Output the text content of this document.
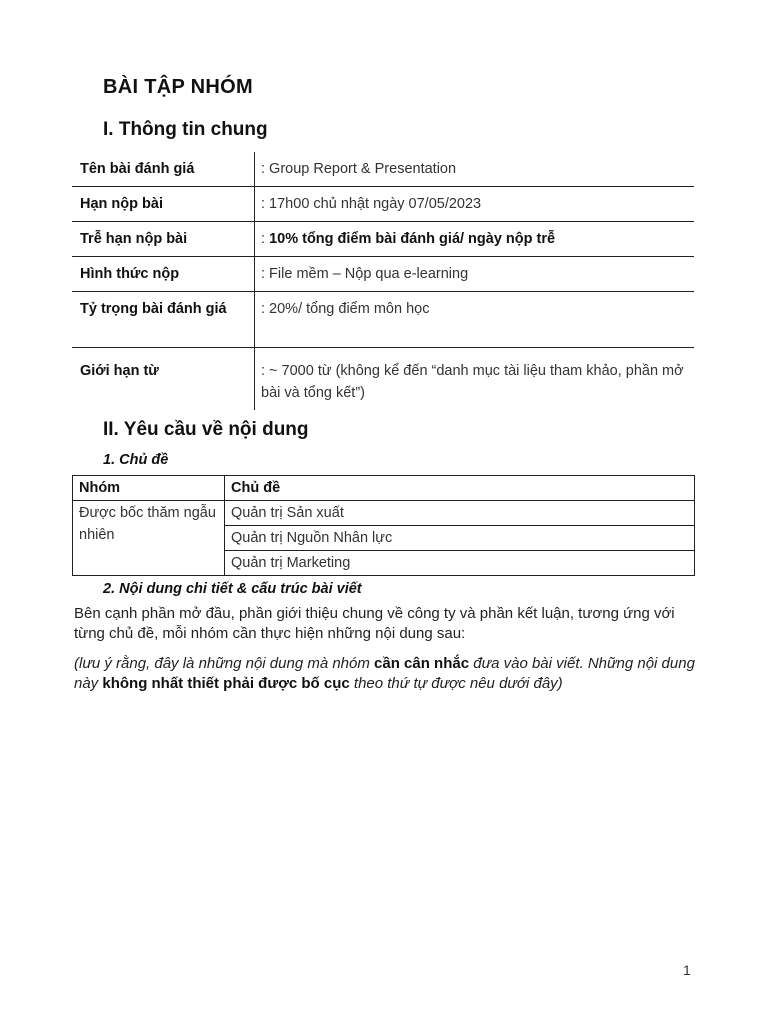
BÀI TẬP NHÓM
I. Thông tin chung
Tên bài đánh giá	: Group Report & Presentation
Hạn nộp bài	: 17h00 chủ nhật ngày 07/05/2023
Trễ hạn nộp bài	: 10% tổng điểm bài đánh giá/ ngày nộp trễ
Hình thức nộp	: File mềm – Nộp qua e-learning
Tỷ trọng bài đánh giá	: 20%/ tổng điểm môn học
Giới hạn từ	: ~ 7000 từ (không kể đến “danh mục tài liệu tham khảo, phần mở bài và tổng kết”)
II. Yêu cầu về nội dung
1. Chủ đề
Nhóm	Chủ đề
Được bốc thăm ngẫu nhiên	Quản trị Sản xuất
	Quản trị Nguồn Nhân lực
	Quản trị Marketing
2. Nội dung chi tiết & cấu trúc bài viết
Bên cạnh phần mở đầu, phần giới thiệu chung về công ty và phần kết luận, tương ứng với từng chủ đề, mỗi nhóm cần thực hiện những nội dung sau:
(lưu ý rằng, đây là những nội dung mà nhóm cần cân nhắc đưa vào bài viết. Những nội dung này không nhất thiết phải được bố cục theo thứ tự được nêu dưới đây)
1
